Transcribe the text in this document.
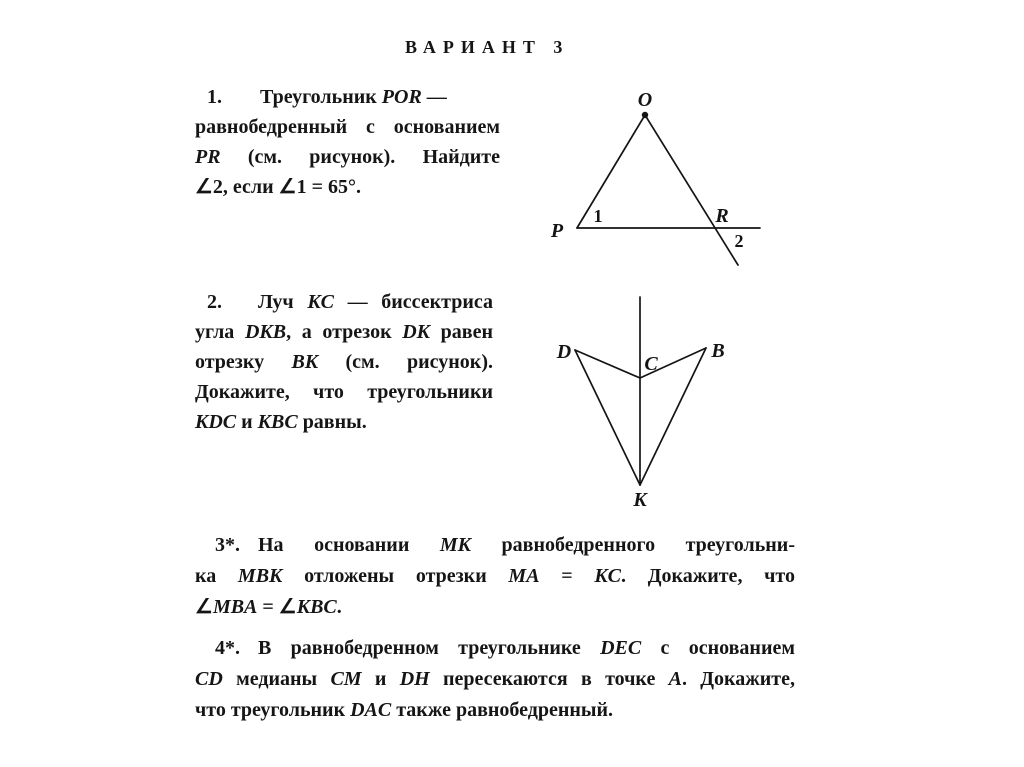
O
P
R
1
2
D
C
B
K
ВАРИАНТ 3
1. Треугольник POR —
равнобедренный с основанием
PR (см. рисунок). Найдите
∠2, если ∠1 = 65°.
2. Луч KC — биссектриса
угла DKB, а отрезок DK равен
отрезку BK (см. рисунок).
Докажите, что треугольники
KDC и KBC равны.
3*. На основании MK равнобедренного треугольни-
ка MBK отложены отрезки MA = KC. Докажите, что
∠MBA = ∠KBC.
4*. В равнобедренном треугольнике DEC с основанием
CD медианы CM и DH пересекаются в точке A. Докажите,
что треугольник DAC также равнобедренный.
